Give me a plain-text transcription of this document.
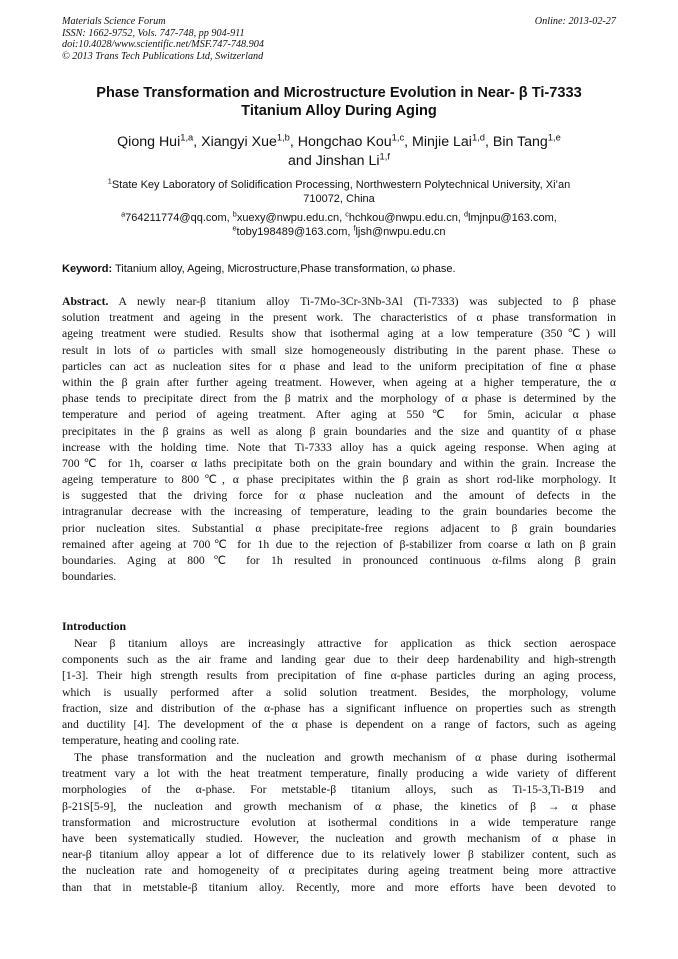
Materials Science Forum
ISSN: 1662-9752, Vols. 747-748, pp 904-911
doi:10.4028/www.scientific.net/MSF.747-748.904
© 2013 Trans Tech Publications Ltd, Switzerland
Online: 2013-02-27
Phase Transformation and Microstructure Evolution in Near- β Ti-7333
Titanium Alloy During Aging
Qiong Hui$^{1,a}$, Xiangyi Xue$^{1,b}$, Hongchao Kou$^{1,c}$, Minjie Lai$^{1,d}$, Bin Tang$^{1,e}$
and Jinshan Li$^{1,f}$
$^1$State Key Laboratory of Solidification Processing, Northwestern Polytechnical University, Xi’an
710072, China
$^a$764211774@qq.com, $^b$xuexy@nwpu.edu.cn, $^c$hchkou@nwpu.edu.cn, $^d$lmjnpu@163.com,
$^e$toby198489@163.com, $^f$ljsh@nwpu.edu.cn
Keyword: Titanium alloy, Ageing, Microstructure,Phase transformation, ω phase.
Abstract. A newly near-β titanium alloy Ti-7Mo-3Cr-3Nb-3Al (Ti-7333) was subjected to β phase
solution treatment and ageing in the present work. The characteristics of α phase transformation in
ageing treatment were studied. Results show that isothermal aging at a low temperature (350℃) will
result in lots of ω particles with small size homogeneously distributing in the parent phase. These ω
particles can act as nucleation sites for α phase and lead to the uniform precipitation of fine α phase
within the β grain after further ageing treatment. However, when ageing at a higher temperature, the α
phase tends to precipitate direct from the β matrix and the morphology of α phase is determined by the
temperature and period of ageing treatment. After aging at 550℃ for 5min, acicular α phase
precipitates in the β grains as well as along β grain boundaries and the size and quantity of α phase
increase with the holding time. Note that Ti-7333 alloy has a quick ageing response. When aging at
700℃ for 1h, coarser α laths precipitate both on the grain boundary and within the grain. Increase the
ageing temperature to 800℃, α phase precipitates within the β grain as short rod-like morphology. It
is suggested that the driving force for α phase nucleation and the amount of defects in the
intragranular decrease with the increasing of temperature, leading to the grain boundaries become the
prior nucleation sites. Substantial α phase precipitate-free regions adjacent to β grain boundaries
remained after ageing at 700℃ for 1h due to the rejection of β-stabilizer from coarse α lath on β grain
boundaries. Aging at 800℃ for 1h resulted in pronounced continuous α-films along β grain
boundaries.
Introduction
Near β titanium alloys are increasingly attractive for application as thick section aerospace
components such as the air frame and landing gear due to their deep hardenability and high-strength
[1-3]. Their high strength results from precipitation of fine α-phase particles during an aging process,
which is usually performed after a solid solution treatment. Besides, the morphology, volume
fraction, size and distribution of the α-phase has a significant influence on properties such as strength
and ductility [4]. The development of the α phase is dependent on a range of factors, such as ageing
temperature, heating and cooling rate.
The phase transformation and the nucleation and growth mechanism of α phase during isothermal
treatment vary a lot with the heat treatment temperature, finally producing a wide variety of different
morphologies of the α-phase. For metstable-β titanium alloys, such as Ti-15-3,Ti-B19 and
β-21S[5-9], the nucleation and growth mechanism of α phase, the kinetics of β → α phase
transformation and microstructure evolution at isothermal conditions in a wide temperature range
have been systematically studied. However, the nucleation and growth mechanism of α phase in
near-β titanium alloy appear a lot of difference due to its relatively lower β stabilizer content, such as
the nucleation rate and homogeneity of α precipitates during ageing treatment being more attractive
than that in metstable-β titanium alloy. Recently, more and more efforts have been devoted to
